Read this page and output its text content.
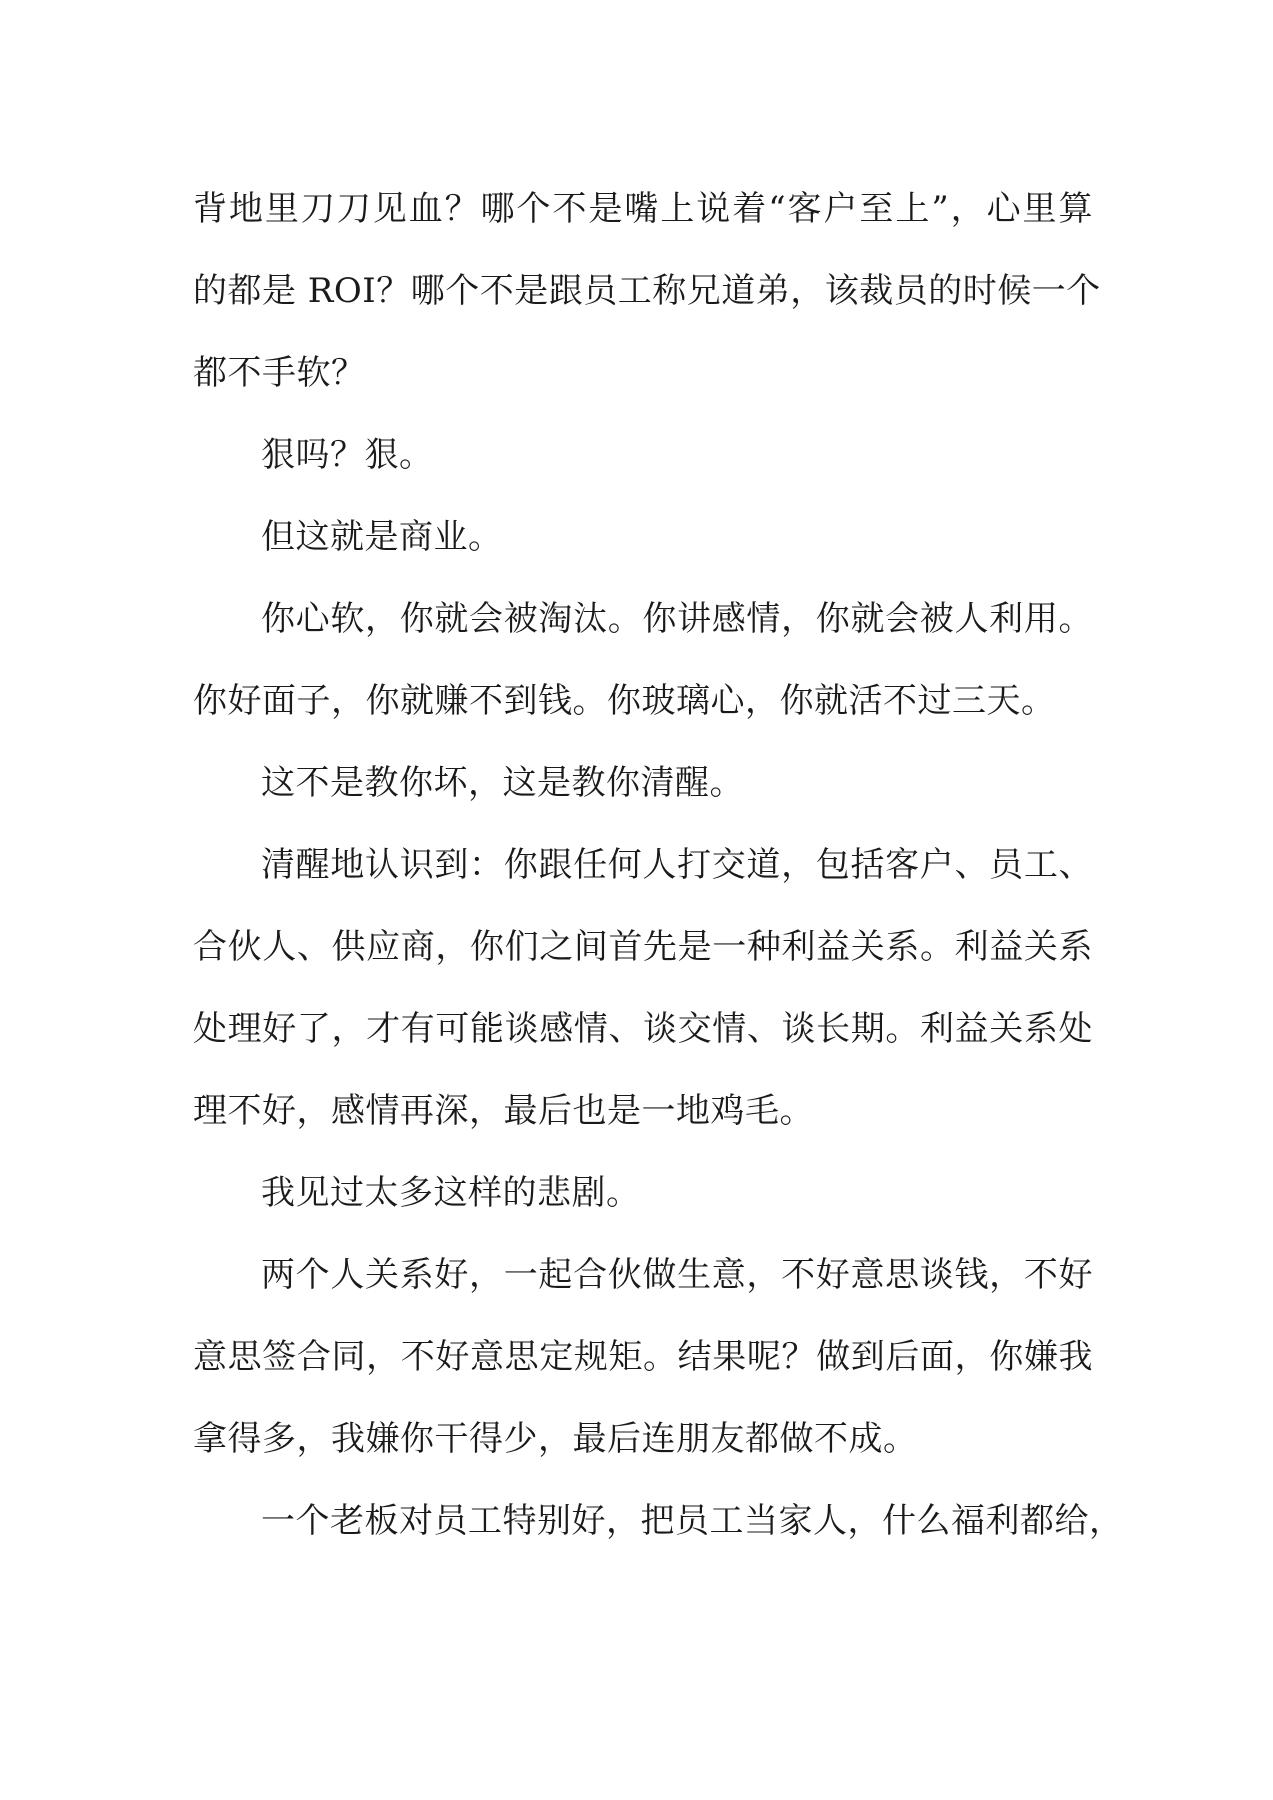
背地里刀刀见血？哪个不是嘴上说着“客户至上”，心里算
的都是 ROI？哪个不是跟员工称兄道弟，该裁员的时候一个
都不手软？
狠吗？狠。
但这就是商业。
你心软，你就会被淘汰。你讲感情，你就会被人利用。
你好面子，你就赚不到钱。你玻璃心，你就活不过三天。
这不是教你坏，这是教你清醒。
清醒地认识到：你跟任何人打交道，包括客户、员工、
合伙人、供应商，你们之间首先是一种利益关系。利益关系
处理好了，才有可能谈感情、谈交情、谈长期。利益关系处
理不好，感情再深，最后也是一地鸡毛。
我见过太多这样的悲剧。
两个人关系好，一起合伙做生意，不好意思谈钱，不好
意思签合同，不好意思定规矩。结果呢？做到后面，你嫌我
拿得多，我嫌你干得少，最后连朋友都做不成。
一个老板对员工特别好，把员工当家人，什么福利都给，
